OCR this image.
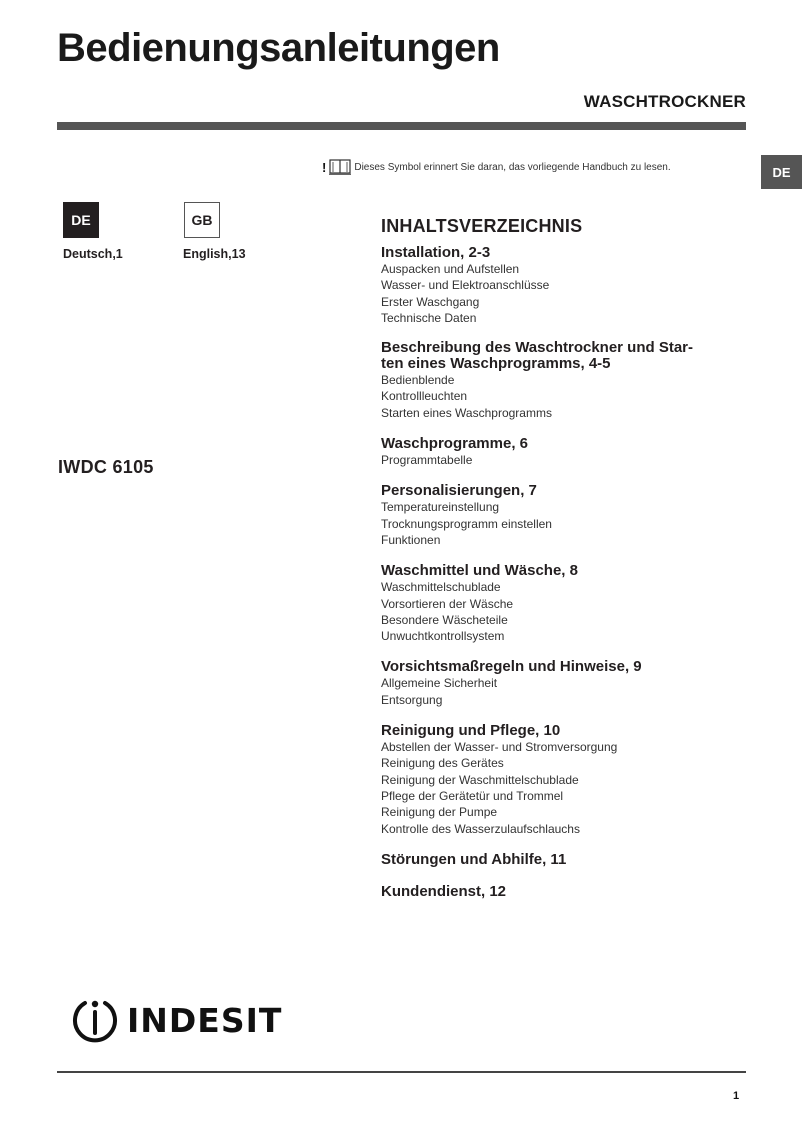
Bedienungsanleitungen
WASCHTROCKNER
!	Dieses Symbol erinnert Sie daran, das vorliegende Handbuch zu lesen.	DE
DE	GB
Deutsch,1	English,13
IWDC 6105
INHALTSVERZEICHNIS
Installation, 2-3
Auspacken und Aufstellen
Wasser- und Elektroanschlüsse
Erster Waschgang
Technische Daten
Beschreibung des Waschtrockner und Star-
ten eines Waschprogramms, 4-5
Bedienblende
Kontrollleuchten
Starten eines Waschprogramms
Waschprogramme, 6
Programmtabelle
Personalisierungen, 7
Temperatureinstellung
Trocknungsprogramm einstellen
Funktionen
Waschmittel und Wäsche, 8
Waschmittelschublade
Vorsortieren der Wäsche
Besondere Wäscheteile
Unwuchtkontrollsystem
Vorsichtsmaßregeln und Hinweise, 9
Allgemeine Sicherheit
Entsorgung
Reinigung und Pflege, 10
Abstellen der Wasser- und Stromversorgung
Reinigung des Gerätes
Reinigung der Waschmittelschublade
Pflege der Gerätetür und Trommel
Reinigung der Pumpe
Kontrolle des Wasserzulaufschlauchs
Störungen und Abhilfe, 11
Kundendienst, 12
INDESIT
1
